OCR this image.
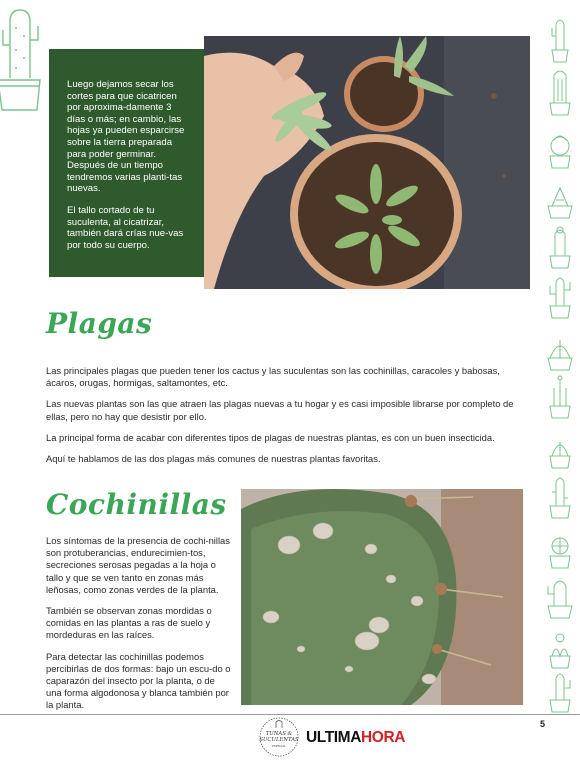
Luego dejamos secar los cortes para que cicatricen por aproxima-damente 3 días o más; en cambio, las hojas ya pueden esparcirse sobre la tierra preparada para poder germinar. Después de un tiempo tendremos varias planti-tas nuevas.

El tallo cortado de tu suculenta, al cicatrizar, también dará crías nue-vas por todo su cuerpo.

Plagas

Las principales plagas que pueden tener los cactus y las suculentas son las cochinillas, caracoles y babosas, ácaros, orugas, hormigas, saltamontes, etc.

Las nuevas plantas son las que atraen las plagas nuevas a tu hogar y es casi imposible librarse por completo de ellas, pero no hay que desistir por ello.

La principal forma de acabar con diferentes tipos de plagas de nuestras plantas, es con un buen insecticida.

Aquí te hablamos de las dos plagas más comunes de nuestras plantas favoritas.

Cochinillas

Los síntomas de la presencia de cochi-nillas son protuberancias, endurecimien-tos, secreciones serosas pegadas a la hoja o tallo y que se ven tanto en zonas más leñosas, como zonas verdes de la planta.

También se observan zonas mordidas o comidas en las plantas a ras de suelo y mordeduras en las raíces.

Para detectar las cochinillas podemos percibirlas de dos formas: bajo un escu-do o caparazón del insecto por la planta, o de una forma algodonosa y blanca también por la planta.

TUNAS &
SUCULENTAS
ESPECIAL
ULTIMAHORA
5
